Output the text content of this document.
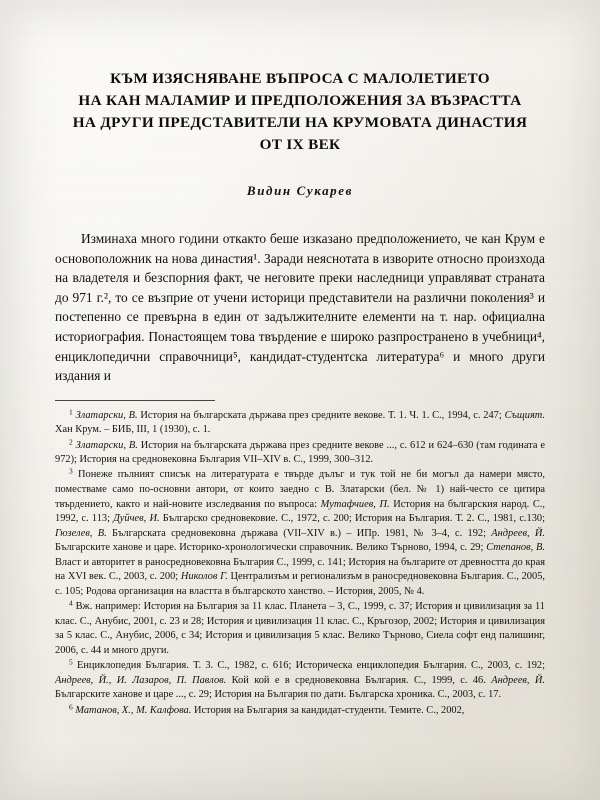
КЪМ ИЗЯСНЯВАНЕ ВЪПРОСА С МАЛОЛЕТИЕТО
НА КАН МАЛАМИР И ПРЕДПОЛОЖЕНИЯ ЗА ВЪЗРАСТТА
НА ДРУГИ ПРЕДСТАВИТЕЛИ НА КРУМОВАТА ДИНАСТИЯ
ОТ IX ВЕК
Видин Сукарев
Изминаха много години откакто беше изказано предположението, че кан Крум е основоположник на нова династия¹. Заради неяснотата в изворите относно произхода на владетеля и безспорния факт, че неговите преки наследници управляват страната до 971 г.², то се възприе от учени историци представители на различни поколения³ и постепенно се превърна в един от задължителните елементи на т. нар. официална историография. Понастоящем това твърдение е широко разпространено в учебници⁴, енциклопедични справочници⁵, кандидат-студентска литература⁶ и много други издания и

$^1$ Златарски, В. История на българската държава през средните векове. Т. 1. Ч. 1. С., 1994, с. 247; Същият. Хан Крум. – БИБ, III, 1 (1930), с. 1.

$^2$ Златарски, В. История на българската държава през средните векове ..., с. 612 и 624–630 (там годината е 972); История на средновековна България VII–XIV в. С., 1999, 300–312.

$^3$ Понеже пълният списък на литературата е твърде дълъг и тук той не би могъл да намери място, поместваме само по-основни автори, от които заедно с В. Златарски (бел. № 1) най-често се цитира твърдението, както и най-новите изследвания по въпроса: Мутафчиев, П. История на българския народ. С., 1992, с. 113; Дуйчев, И. Българско средновековие. С., 1972, с. 200; История на България. Т. 2. С., 1981, с.130; Гюзелев, В. Българската средновековна държава (VII–XIV в.) – ИПр. 1981, № 3–4, с. 192; Андреев, Й. Българските ханове и царе. Историко-хронологически справочник. Велико Търново, 1994, с. 29; Степанов, В. Власт и авторитет в раносредновековна България С., 1999, с. 141; История на българите от древността до края на XVI век. С., 2003, с. 200; Николов Г. Централизъм и регионализъм в раносредновековна България. С., 2005, с. 105; Родова организация на властта в българското ханство. – История, 2005, № 4.

$^4$ Вж. например: История на България за 11 клас. Планета – 3, С., 1999, с. 37; История и цивилизация за 11 клас. С., Анубис, 2001, с. 23 и 28; История и цивилизация 11 клас. С., Кръгозор, 2002; История и цивилизация за 5 клас. С., Анубис, 2006, с 34; История и цивилизация 5 клас. Велико Търново, Сиела софт енд палишинг, 2006, с. 44 и много други.

$^5$ Енциклопедия България. Т. 3. С., 1982, с. 616; Историческа енциклопедия България. С., 2003, с. 192; Андреев, Й., И. Лазаров, П. Павлов. Кой кой е в средновековна България. С., 1999, с. 46. Андреев, Й. Българските ханове и царе ..., с. 29; История на България по дати. Българска хроника. С., 2003, с. 17.

$^6$ Матанов, Х., М. Калфова. История на България за кандидат-студенти. Темите. С., 2002,
